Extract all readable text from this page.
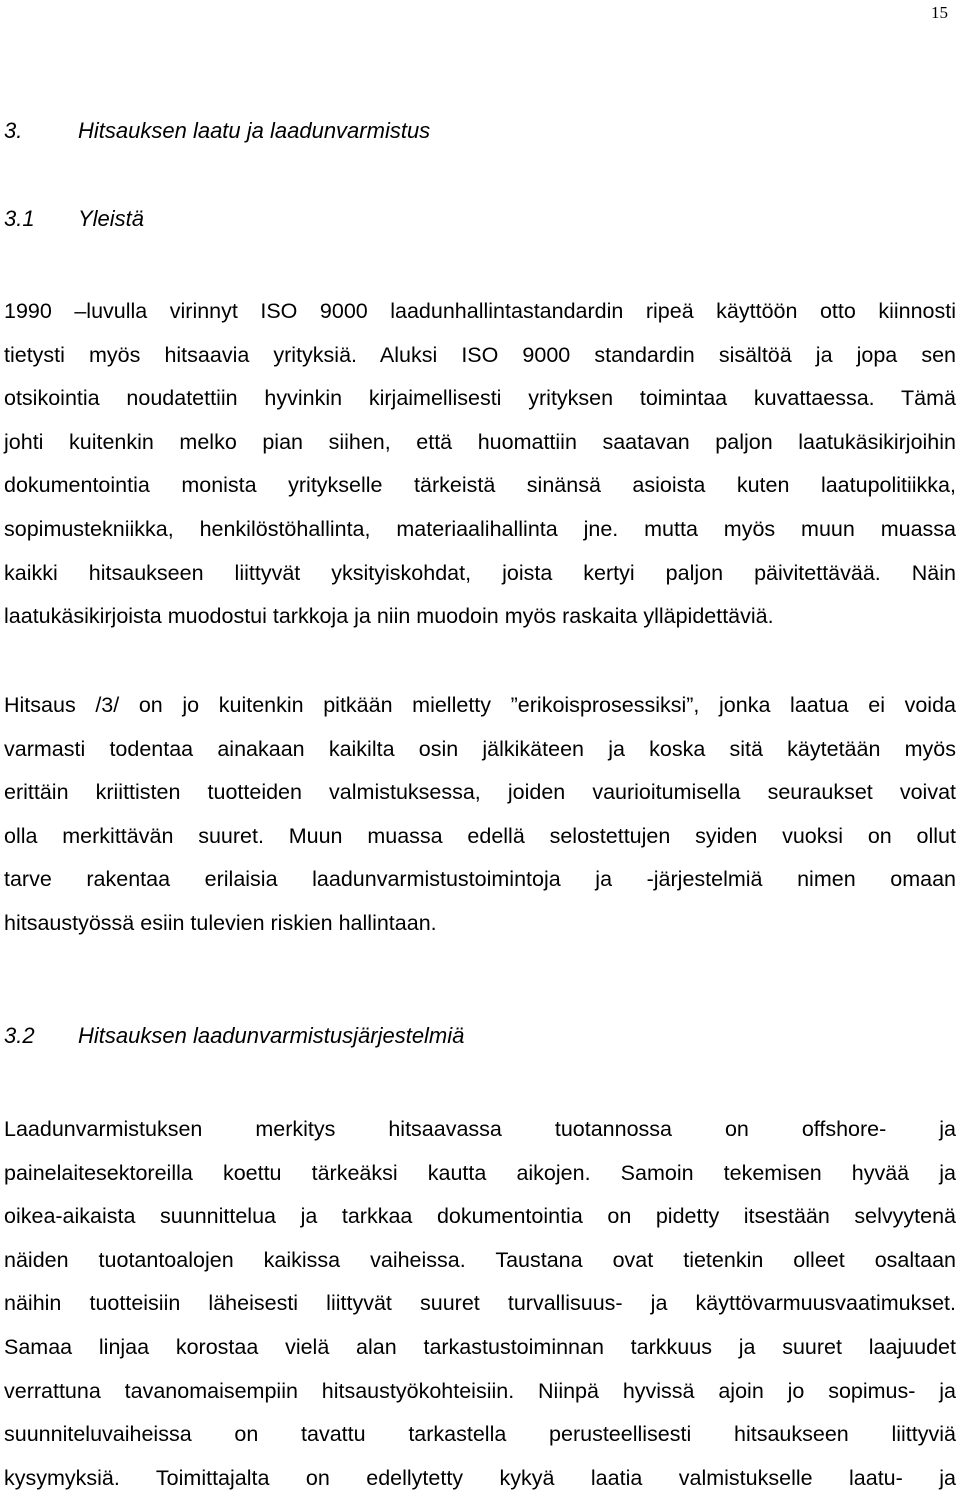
15
3.	Hitsauksen laatu ja laadunvarmistus
3.1 Yleistä
1990 –luvulla virinnyt ISO 9000 laadunhallintastandardin ripeä käyttöön otto kiinnosti
tietysti myös hitsaavia yrityksiä. Aluksi ISO 9000 standardin sisältöä ja jopa sen
otsikointia noudatettiin hyvinkin kirjaimellisesti yrityksen toimintaa kuvattaessa. Tämä
johti kuitenkin melko pian siihen, että huomattiin saatavan paljon laatukäsikirjoihin
dokumentointia monista yritykselle tärkeistä sinänsä asioista kuten laatupolitiikka,
sopimustekniikka, henkilöstöhallinta, materiaalihallinta jne. mutta myös muun muassa
kaikki hitsaukseen liittyvät yksityiskohdat, joista kertyi paljon päivitettävää. Näin
laatukäsikirjoista muodostui tarkkoja ja niin muodoin myös raskaita ylläpidettäviä.
Hitsaus /3/ on jo kuitenkin pitkään mielletty ”erikoisprosessiksi”, jonka laatua ei voida
varmasti todentaa ainakaan kaikilta osin jälkikäteen ja koska sitä käytetään myös
erittäin kriittisten tuotteiden valmistuksessa, joiden vaurioitumisella seuraukset voivat
olla merkittävän suuret. Muun muassa edellä selostettujen syiden vuoksi on ollut
tarve rakentaa erilaisia laadunvarmistustoimintoja ja -järjestelmiä nimen omaan
hitsaustyössä esiin tulevien riskien hallintaan.
3.2 Hitsauksen laadunvarmistusjärjestelmiä
Laadunvarmistuksen merkitys hitsaavassa tuotannossa on offshore- ja
painelaitesektoreilla koettu tärkeäksi kautta aikojen. Samoin tekemisen hyvää ja
oikea-aikaista suunnittelua ja tarkkaa dokumentointia on pidetty itsestään selvyytenä
näiden tuotantoalojen kaikissa vaiheissa. Taustana ovat tietenkin olleet osaltaan
näihin tuotteisiin läheisesti liittyvät suuret turvallisuus- ja käyttövarmuusvaatimukset.
Samaa linjaa korostaa vielä alan tarkastustoiminnan tarkkuus ja suuret laajuudet
verrattuna tavanomaisempiin hitsaustyökohteisiin. Niinpä hyvissä ajoin jo sopimus- ja
suunniteluvaiheissa on tavattu tarkastella perusteellisesti hitsaukseen liittyviä
kysymyksiä. Toimittajalta on edellytetty kykyä laatia valmistukselle laatu- ja
